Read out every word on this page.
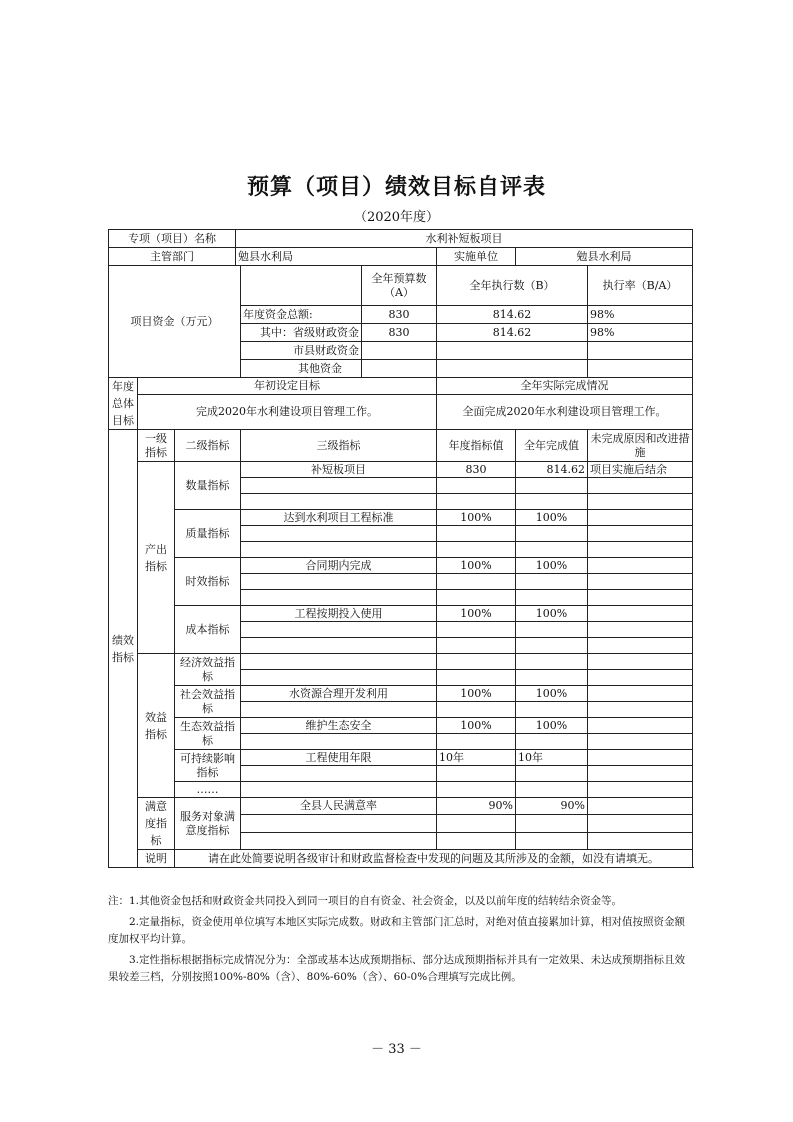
预算（项目）绩效目标自评表
（2020年度）
专项（项目）名称			水利补短板项目					
主管部门			勉县水利局			实施单位	勉县水利局	
项目资金（万元）					全年预算数（A）	全年执行数（B）		执行率（B/A）
				年度资金总额:	830	814.62		98%
				其中：省级财政资金	830	814.62		98%
				市县财政资金				
				其他资金				
年度总体目标	年初设定目标					全年实际完成情况		
	完成2020年水利建设项目管理工作。					全面完成2020年水利建设项目管理工作。		
绩效指标	一级指标	二级指标		三级指标		年度指标值	全年完成值	未完成原因和改进措施
	产出指标	数量指标		补短板项目		830	814.62	项目实施后结余

		质量指标		达到水利项目工程标准		100%	100%	

		时效指标		合同期内完成		100%	100%	

		成本指标		工程按期投入使用		100%	100%	

	效益指标	经济效益指标						

		社会效益指标		水资源合理开发利用		100%	100%	

		生态效益指标		维护生态安全		100%	100%	

		可持续影响指标		工程使用年限		10年	10年	

		……						
	满意度指标	服务对象满意度指标		全县人民满意率		90%	90%	

	说明	请在此处简要说明各级审计和财政监督检查中发现的问题及其所涉及的金额，如没有请填无。						

注：1.其他资金包括和财政资金共同投入到同一项目的自有资金、社会资金，以及以前年度的结转结余资金等。

2.定量指标，资金使用单位填写本地区实际完成数。财政和主管部门汇总时，对绝对值直接累加计算，相对值按照资金额度加权平均计算。

3.定性指标根据指标完成情况分为：全部或基本达成预期指标、部分达成预期指标并具有一定效果、未达成预期指标且效果较差三档，分别按照100%-80%（含）、80%-60%（含）、60-0%合理填写完成比例。

－ 33 －
